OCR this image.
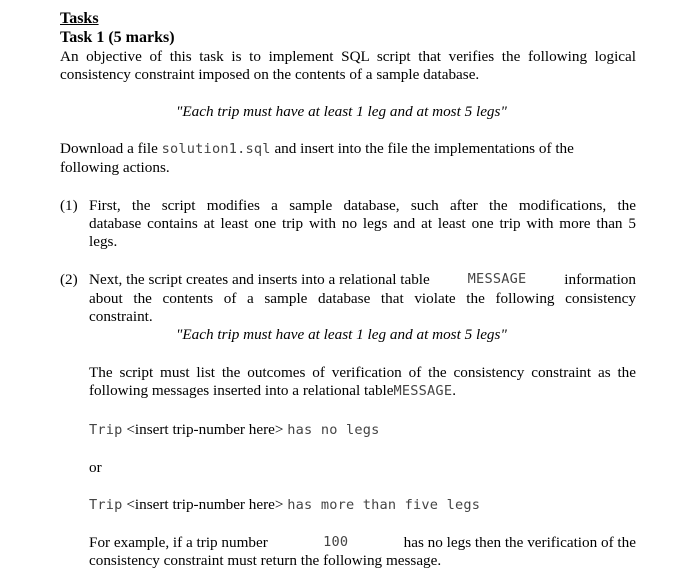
Tasks
Task 1 (5 marks)
An objective of this task is to implement SQL script that verifies the following logical
consistency constraint imposed on the contents of a sample database.
"Each trip must have at least 1 leg and at most 5 legs"
Download a file solution1.sql and insert into the file the implementations of the
following actions.
(1) First, the script modifies a sample database, such after the modifications, the
database contains at least one trip with no legs and at least one trip with more than 5
legs.
(2) Next, the script creates and inserts into a relational table	MESSAGE information
about the contents of a sample database that violate the following consistency
constraint.
"Each trip must have at least 1 leg and at most 5 legs"
The script must list the outcomes of verification of the consistency constraint as the
following messages inserted into a relational tableMESSAGE.
Trip <insert trip-number here> has no legs
or
Trip <insert trip-number here> has more than five legs
For example, if a trip number	100	has no legs then the verification of the
consistency constraint must return the following message.
